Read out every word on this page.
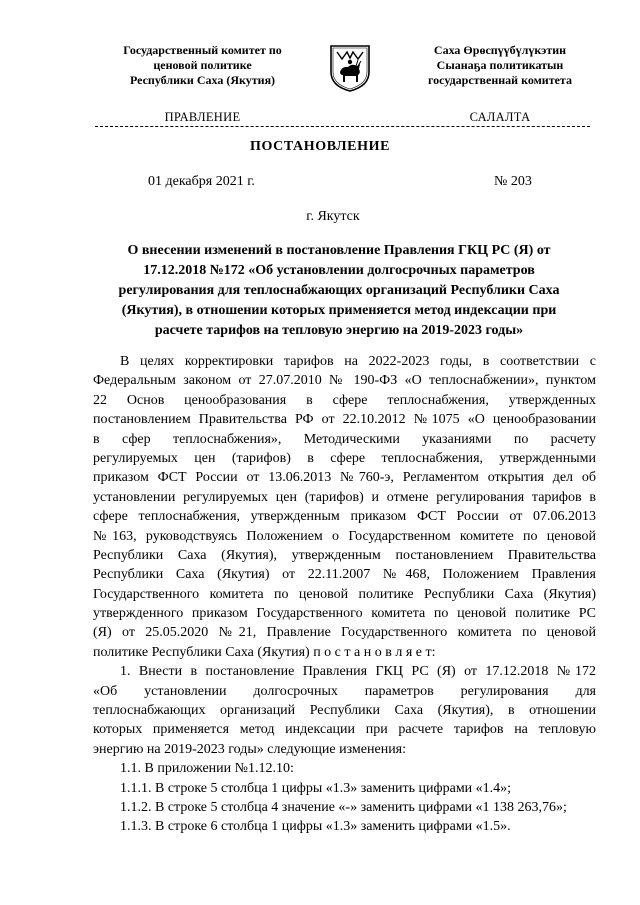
Государственный комитет по
ценовой политике
Республики Саха (Якутия)
Саха Өрөспүүбүлүкэтин
Сыанаҕа политикатын
государственнай комитета
ПРАВЛЕНИЕ	САЛАЛТА
ПОСТАНОВЛЕНИЕ
01 декабря 2021 г.	№ 203
г. Якутск
О внесении изменений в постановление Правления ГКЦ РС (Я) от
17.12.2018 №172 «Об установлении долгосрочных параметров
регулирования для теплоснабжающих организаций Республики Саха
(Якутия), в отношении которых применяется метод индексации при
расчете тарифов на тепловую энергию на 2019-2023 годы»
В целях корректировки тарифов на 2022-2023 годы, в соответствии с
Федеральным законом от 27.07.2010 № 190-ФЗ «О теплоснабжении», пунктом
22 Основ ценообразования в сфере теплоснабжения, утвержденных
постановлением Правительства РФ от 22.10.2012 №1075 «О ценообразовании
в сфер теплоснабжения», Методическими указаниями по расчету
регулируемых цен (тарифов) в сфере теплоснабжения, утвержденными
приказом ФСТ России от 13.06.2013 №760-э, Регламентом открытия дел об
установлении регулируемых цен (тарифов) и отмене регулирования тарифов в
сфере теплоснабжения, утвержденным приказом ФСТ России от 07.06.2013
№163, руководствуясь Положением о Государственном комитете по ценовой
Республики Саха (Якутия), утвержденным постановлением Правительства
Республики Саха (Якутия) от 22.11.2007 №468, Положением Правления
Государственного комитета по ценовой политике Республики Саха (Якутия)
утвержденного приказом Государственного комитета по ценовой политике РС
(Я) от 25.05.2020 №21, Правление Государственного комитета по ценовой
политике Республики Саха (Якутия) п о с т а н о в л я е т:
1. Внести в постановление Правления ГКЦ РС (Я) от 17.12.2018 №172
«Об установлении долгосрочных параметров регулирования для
теплоснабжающих организаций Республики Саха (Якутия), в отношении
которых применяется метод индексации при расчете тарифов на тепловую
энергию на 2019-2023 годы» следующие изменения:
1.1. В приложении №1.12.10:
1.1.1. В строке 5 столбца 1 цифры «1.3» заменить цифрами «1.4»;
1.1.2. В строке 5 столбца 4 значение «-» заменить цифрами «1 138 263,76»;
1.1.3. В строке 6 столбца 1 цифры «1.3» заменить цифрами «1.5».
